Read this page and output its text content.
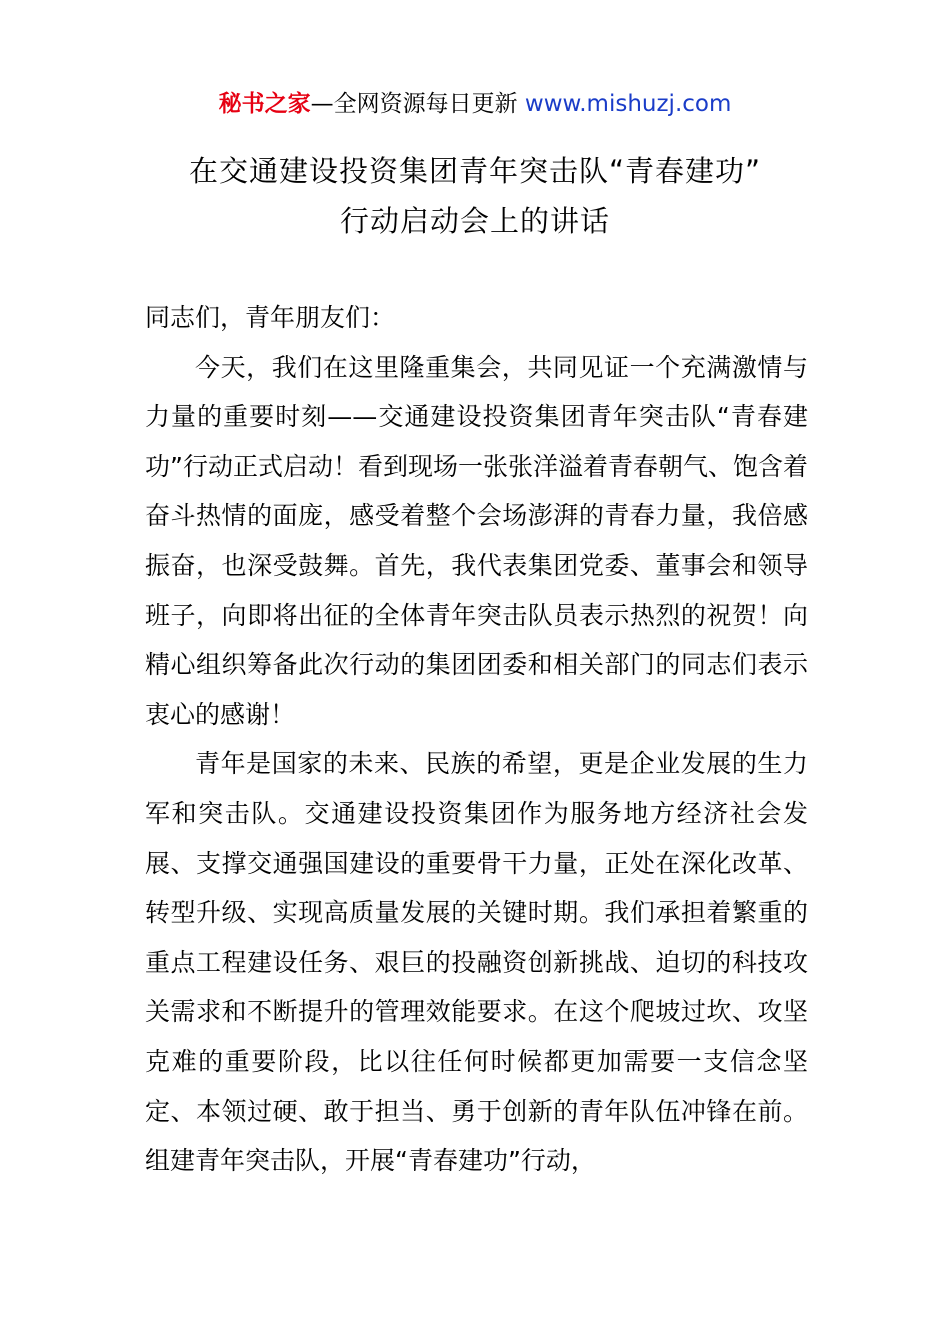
秘书之家—全网资源每日更新 www.mishuzj.com
在交通建设投资集团青年突击队“青春建功”
行动启动会上的讲话

同志们，青年朋友们：

今天，我们在这里隆重集会，共同见证一个充满激情与力量的重要时刻——交通建设投资集团青年突击队“青春建功”行动正式启动！看到现场一张张洋溢着青春朝气、饱含着奋斗热情的面庞，感受着整个会场澎湃的青春力量，我倍感振奋，也深受鼓舞。首先，我代表集团党委、董事会和领导班子，向即将出征的全体青年突击队员表示热烈的祝贺！向精心组织筹备此次行动的集团团委和相关部门的同志们表示衷心的感谢！

青年是国家的未来、民族的希望，更是企业发展的生力军和突击队。交通建设投资集团作为服务地方经济社会发展、支撑交通强国建设的重要骨干力量，正处在深化改革、转型升级、实现高质量发展的关键时期。我们承担着繁重的重点工程建设任务、艰巨的投融资创新挑战、迫切的科技攻关需求和不断提升的管理效能要求。在这个爬坡过坎、攻坚克难的重要阶段，比以往任何时候都更加需要一支信念坚定、本领过硬、敢于担当、勇于创新的青年队伍冲锋在前。组建青年突击队，开展“青春建功”行动，
